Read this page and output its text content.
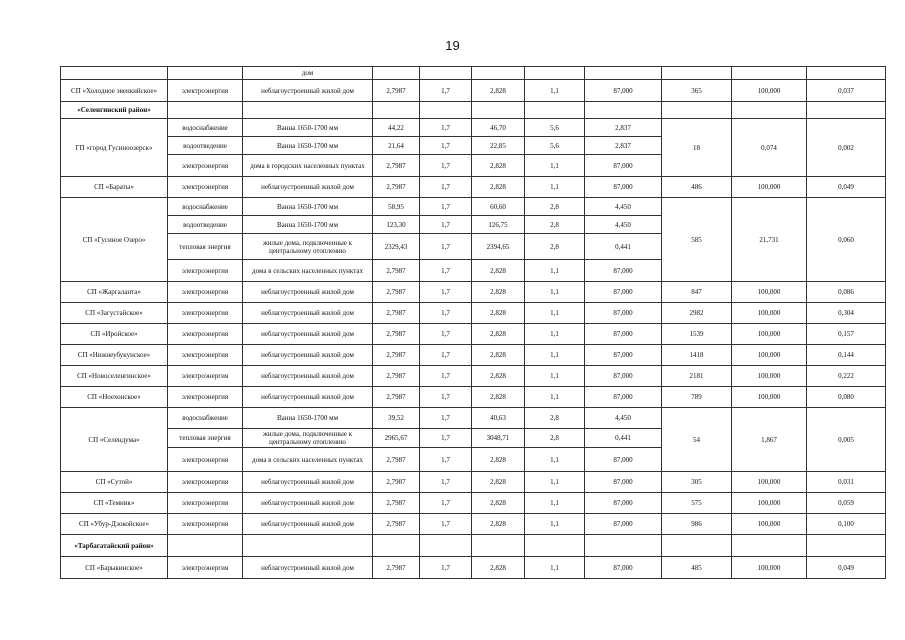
19
		дом								
СП «Холодное эвенкийское»	электроэнергия	неблагоустроенный жилой дом	2,7987	1,7	2,828	1,1	87,000	365	100,000	0,037
«Селенгинский район»										
ГП «город Гусиноозерск»	водоснабжение	Ванна 1650-1700 мм	44,22	1,7	46,70	5,6	2,837	18	0,074	0,002
	водоотведение	Ванна 1650-1700 мм	21,64	1,7	22,85	5,6	2,837			
	электроэнергия	дома в городских населенных пунктах	2,7987	1,7	2,828	1,1	87,000			
СП «Бараты»	электроэнергия	неблагоустроенный жилой дом	2,7987	1,7	2,828	1,1	87,000	486	100,000	0,049
СП «Гусиное Озеро»	водоснабжение	Ванна 1650-1700 мм	58,95	1,7	60,60	2,8	4,450	585	21,731	0,060
	водоотведение	Ванна 1650-1700 мм	123,30	1,7	126,75	2,8	4,450			
	тепловая энергия	жилые дома, подключенные к центральному отоплению	2329,43	1,7	2394,65	2,8	0,441			
	электроэнергия	дома в сельских населенных пунктах	2,7987	1,7	2,828	1,1	87,000			
СП «Жаргаланта»	электроэнергия	неблагоустроенный жилой дом	2,7987	1,7	2,828	1,1	87,000	847	100,000	0,086
СП «Загустайское»	электроэнергия	неблагоустроенный жилой дом	2,7987	1,7	2,828	1,1	87,000	2982	100,000	0,304
СП «Иройское»	электроэнергия	неблагоустроенный жилой дом	2,7987	1,7	2,828	1,1	87,000	1539	100,000	0,157
СП «Нижнеубукунское»	электроэнергия	неблагоустроенный жилой дом	2,7987	1,7	2,828	1,1	87,000	1418	100,000	0,144
СП «Новоселенгинское»	электроэнергия	неблагоустроенный жилой дом	2,7987	1,7	2,828	1,1	87,000	2181	100,000	0,222
СП «Ноехонское»	электроэнергия	неблагоустроенный жилой дом	2,7987	1,7	2,828	1,1	87,000	789	100,000	0,080
СП «Селендума»	водоснабжение	Ванна 1650-1700 мм	39,52	1,7	40,63	2,8	4,450	54	1,867	0,005
	тепловая энергия	жилые дома, подключенные к центральному отоплению	2965,67	1,7	3048,71	2,8	0,441			
	электроэнергия	дома в сельских населенных пунктах	2,7987	1,7	2,828	1,1	87,000			
СП «Сутой»	электроэнергия	неблагоустроенный жилой дом	2,7987	1,7	2,828	1,1	87,000	305	100,000	0,031
СП «Темник»	электроэнергия	неблагоустроенный жилой дом	2,7987	1,7	2,828	1,1	87,000	575	100,000	0,059
СП «Убур-Дзокойское»	электроэнергия	неблагоустроенный жилой дом	2,7987	1,7	2,828	1,1	87,000	986	100,000	0,100
«Тарбагатайский район»										
СП «Барыкинское»	электроэнергия	неблагоустроенный жилой дом	2,7987	1,7	2,828	1,1	87,000	485	100,000	0,049
